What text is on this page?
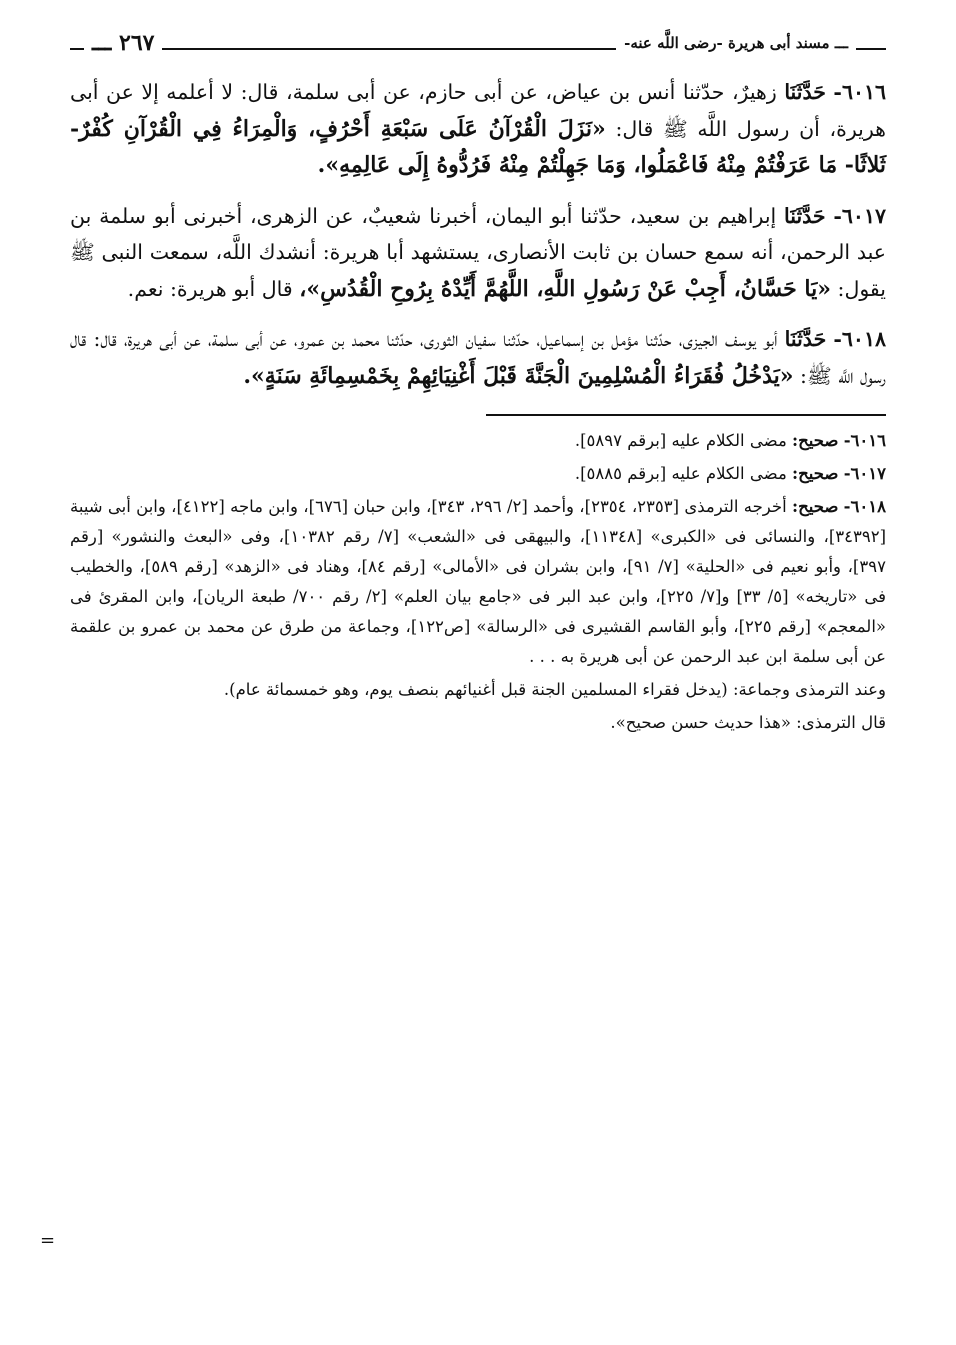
ـــ مسند أبى هريرة -رضى اللَّه عنه-
٢٦٧ ـــ

٦٠١٦- حَدَّثَنَا زهيرٌ، حدّثنا أنس بن عياض، عن أبى حازم، عن أبى سلمة، قال: لا أعلمه إلا عن أبى هريرة، أن رسول اللَّه ﷺ قال: «نَزَلَ الْقُرْآنُ عَلَى سَبْعَةِ أَحْرُفٍ، وَالْمِرَاءُ فِي الْقُرْآنِ كُفْرٌ- ثَلاثًا- مَا عَرَفْتُمْ مِنْهُ فَاعْمَلُوا، وَمَا جَهِلْتُمْ مِنْهُ فَرُدُّوهُ إِلَى عَالِمِهِ».

٦٠١٧- حَدَّثَنَا إبراهيم بن سعيد، حدّثنا أبو اليمان، أخبرنا شعيبٌ، عن الزهرى، أخبرنى أبو سلمة بن عبد الرحمن، أنه سمع حسان بن ثابت الأنصارى، يستشهد أبا هريرة: أنشدك اللَّه، سمعت النبى ﷺ يقول: «يَا حَسَّانُ، أَجِبْ عَنْ رَسُولِ اللَّهِ، اللَّهُمَّ أَيِّدْهُ بِرُوحِ الْقُدُسِ»، قال أبو هريرة: نعم.

٦٠١٨- حَدَّثَنَا أبو يوسف الجيزى، حدّثنا مؤمل بن إسماعيل، حدّثنا سفيان الثورى، حدّثنا محمد بن عمرو، عن أبى سلمة، عن أبى هريرة، قال: قال رسول اللَّه ﷺ: «يَدْخُلُ فُقَرَاءُ الْمُسْلِمِينَ الْجَنَّةَ قَبْلَ أَغْنِيَائِهِمْ بِخَمْسِمِائَةِ سَنَةٍ».

٦٠١٦- صحيح: مضى الكلام عليه [برقم ٥٨٩٧].

٦٠١٧- صحيح: مضى الكلام عليه [برقم ٥٨٨٥].

٦٠١٨- صحيح: أخرجه الترمذى [٢٣٥٣، ٢٣٥٤]، وأحمد [٢/ ٢٩٦، ٣٤٣]، وابن حبان [٦٧٦]، وابن ماجه [٤١٢٢]، وابن أبى شيبة [٣٤٣٩٢]، والنسائى فى «الكبرى» [١١٣٤٨]، والبيهقى فى «الشعب» [٧/ رقم ١٠٣٨٢]، وفى «البعث والنشور» [رقم ٣٩٧]، وأبو نعيم فى «الحلية» [٧/ ٩١]، وابن بشران فى «الأمالى» [رقم ٨٤]، وهناد فى «الزهد» [رقم ٥٨٩]، والخطيب فى «تاريخه» [٥/ ٣٣] و[٧/ ٢٢٥]، وابن عبد البر فى «جامع بيان العلم» [٢/ رقم ٧٠٠/ طبعة الريان]، وابن المقرئ فى «المعجم» [رقم ٢٢٥]، وأبو القاسم القشيرى فى «الرسالة» [ص١٢٢]، وجماعة من طرق عن محمد بن عمرو بن علقمة عن أبى سلمة ابن عبد الرحمن عن أبى هريرة به . . .

وعند الترمذى وجماعة: (يدخل فقراء المسلمين الجنة قبل أغنيائهم بنصف يوم، وهو خمسمائة عام).

قال الترمذى: «هذا حديث حسن صحيح».

=
